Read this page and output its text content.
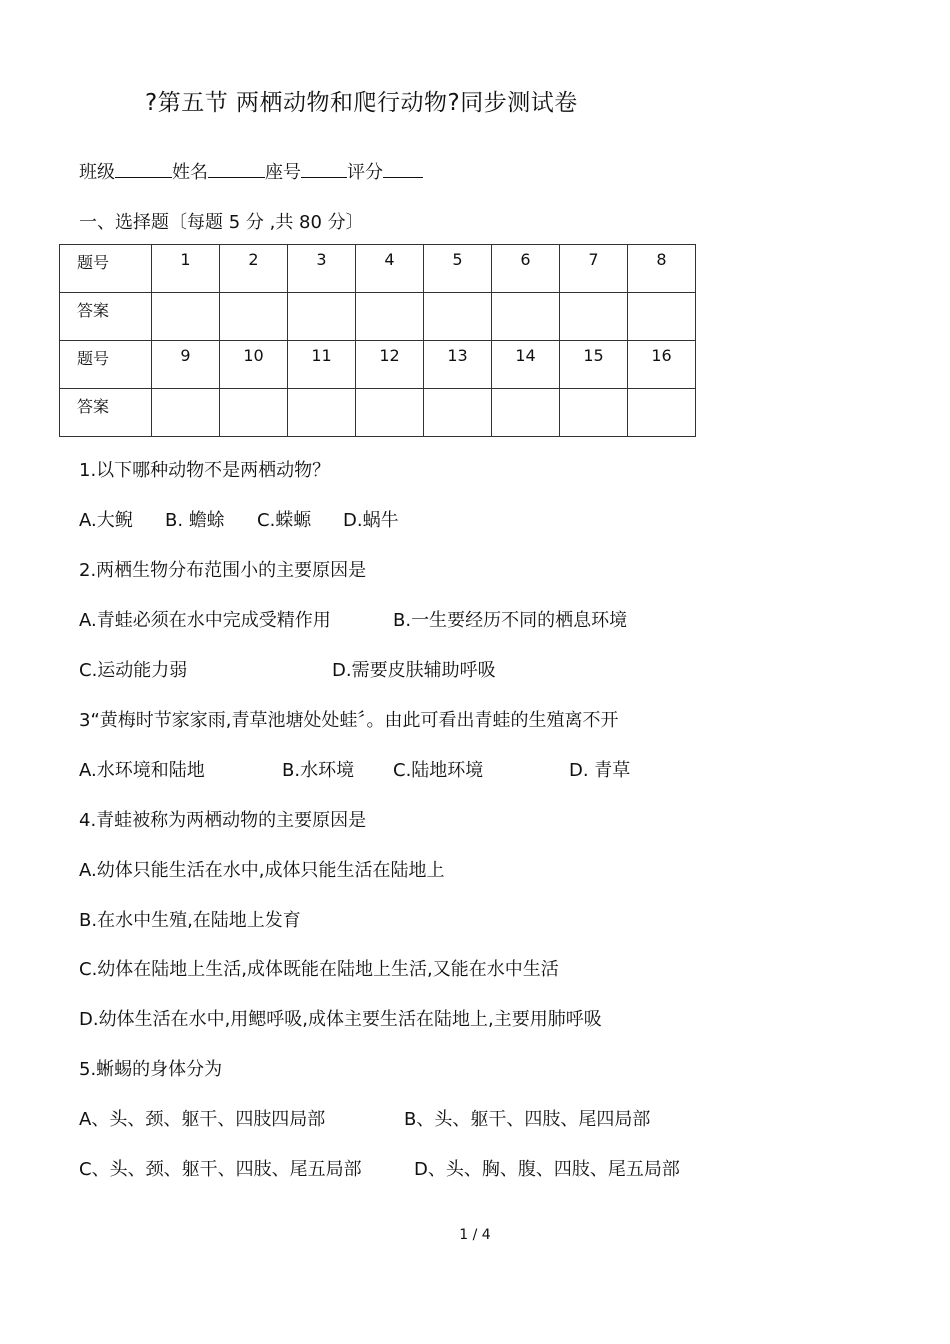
?第五节 两栖动物和爬行动物?同步测试卷
班级	姓名	座号	评分
一、选择题〔每题 5 分 ,共 80 分〕
题号	1	2	3	4	5	6	7	8
答案								
题号	9	10	11	12	13	14	15	16
答案								
1.以下哪种动物不是两栖动物？
A.大鲵 B. 蟾蜍 C.蝾螈 D.蜗牛
2.两栖生物分布范围小的主要原因是
A.青蛙必须在水中完成受精作用	B.一生要经历不同的栖息环境
C.运动能力弱	D.需要皮肤辅助呼吸
3“黄梅时节家家雨,青草池塘处处蛙〞。由此可看出青蛙的生殖离不开
A.水环境和陆地	B.水环境 C.陆地环境	D. 青草
4.青蛙被称为两栖动物的主要原因是
A.幼体只能生活在水中,成体只能生活在陆地上
B.在水中生殖,在陆地上发育
C.幼体在陆地上生活,成体既能在陆地上生活,又能在水中生活
D.幼体生活在水中,用鳃呼吸,成体主要生活在陆地上,主要用肺呼吸
5.蜥蜴的身体分为
A、头、颈、躯干、四肢四局部	B、头、躯干、四肢、尾四局部
C、头、颈、躯干、四肢、尾五局部	D、头、胸、腹、四肢、尾五局部
1 / 4
